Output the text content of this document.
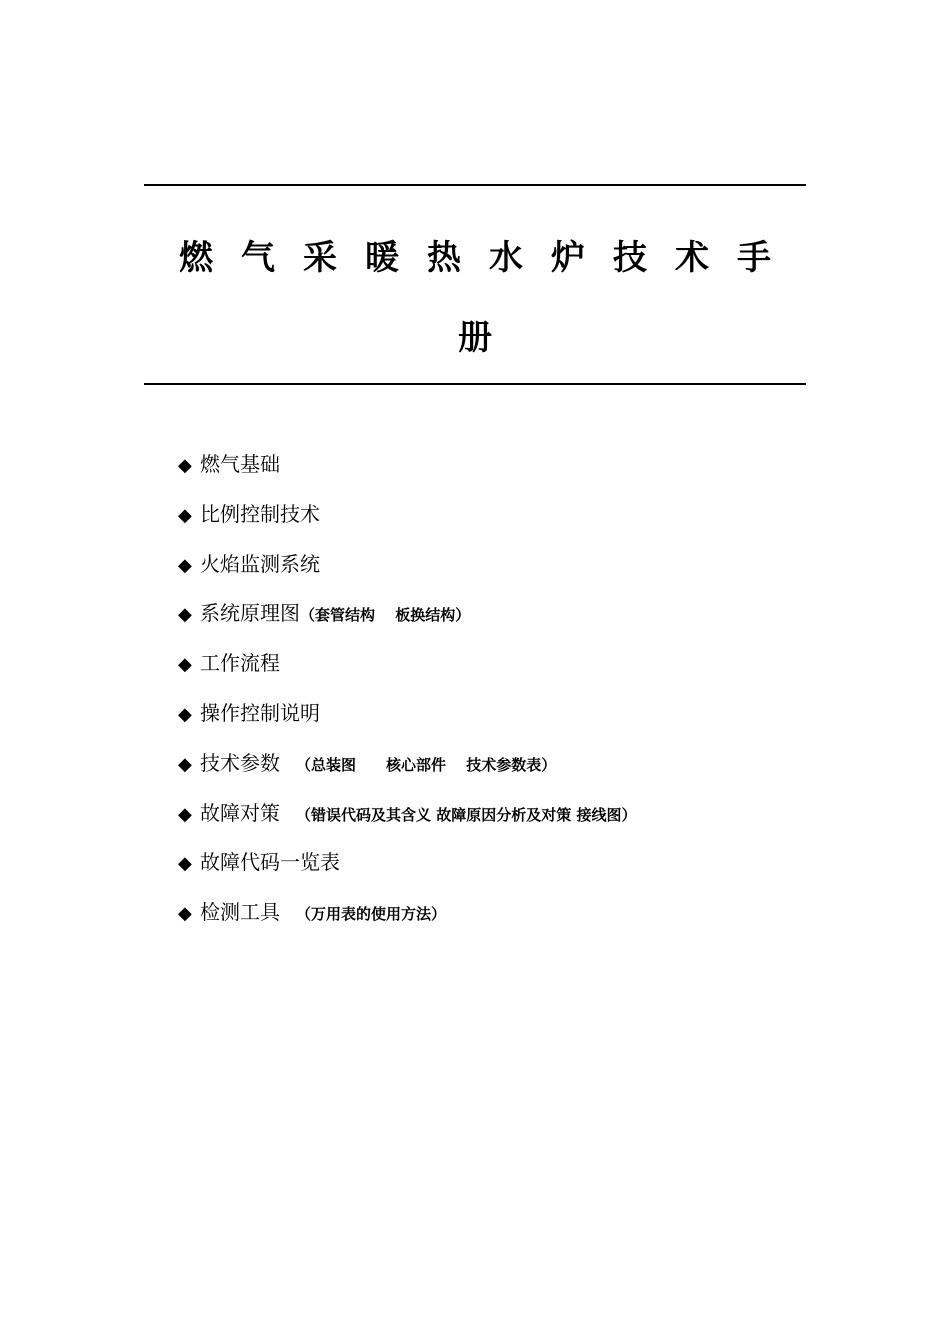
燃气采暖热水炉技术手
册
◆ 燃气基础
◆ 比例控制技术
◆ 火焰监测系统
◆ 系统原理图（套管结构　 板换结构）
◆ 工作流程
◆ 操作控制说明
◆ 技术参数 （总装图　　核心部件　 技术参数表）
◆ 故障对策 （错误代码及其含义 故障原因分析及对策 接线图）
◆ 故障代码一览表
◆ 检测工具 （万用表的使用方法）
